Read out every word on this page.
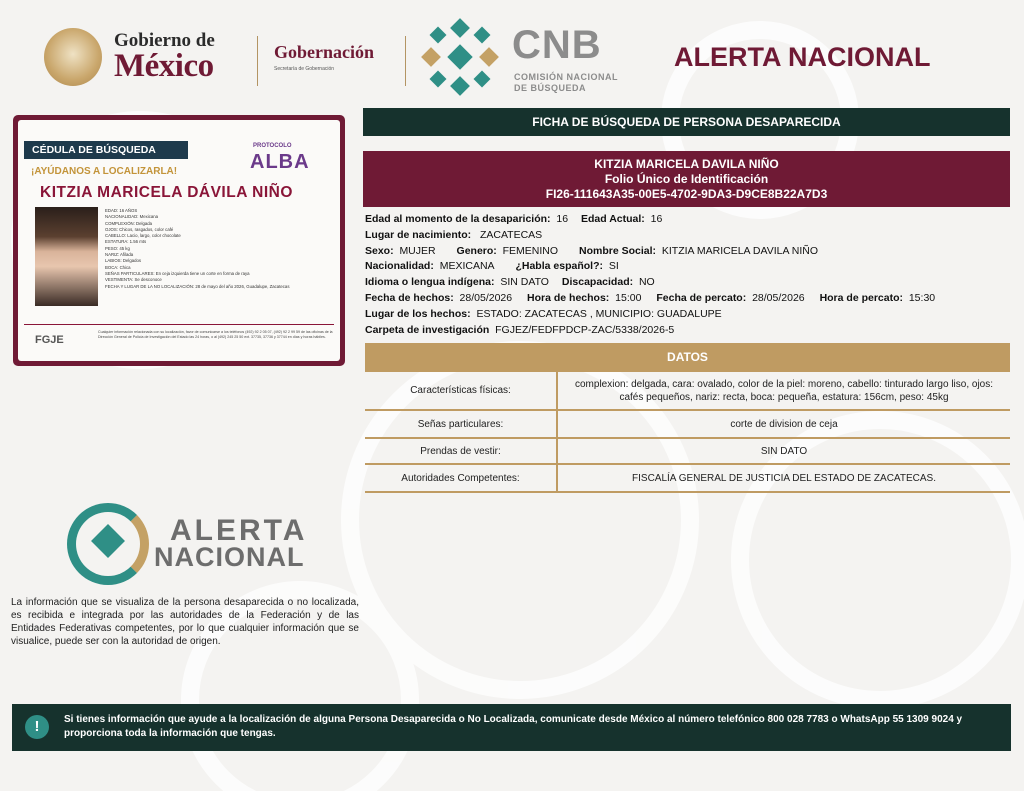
Gobierno de
México	Gobernación
Secretaría de Gobernación
CNB
COMISIÓN NACIONAL
DE BÚSQUEDA
ALERTA NACIONAL
CÉDULA DE BÚSQUEDA
¡AYÚDANOS A LOCALIZARLA!
KITZIA MARICELA DÁVILA NIÑO
PROTOCOLO
ALBA
EDAD: 16 AÑOS
NACIONALIDAD: Mexicana
COMPLEXIÓN: Delgada
OJOS: Chicos, rasgados, color café
CABELLO: Lacio, largo, color chocolate
ESTATURA: 1.56 mts
PESO: 45 kg
NARIZ: Afilada
LABIOS: Delgados
BOCA: Chica
SEÑAS PARTICULARES: En ceja izquierda tiene un corte en forma de raya
VESTIMENTA: Se desconoce
FECHA Y LUGAR DE LA NO LOCALIZACIÓN: 28 de mayo del año 2026, Guadalupe, Zacatecas
FGJE
Cualquier información relacionada con su localización, favor de comunicarse a los teléfonos (492) 92 2 05 07, (492) 92 2 99 59 de las oficinas de la Dirección General de Policía de Investigación del Estado las 24 horas, o al (492) 245 25 50 ext. 37735, 37736 y 37744 en días y horas hábiles.
FICHA DE BÚSQUEDA DE PERSONA DESAPARECIDA
KITZIA MARICELA DAVILA NIÑO
Folio Único de Identificación
FI26-111643A35-00E5-4702-9DA3-D9CE8B22A7D3
Edad al momento de la desaparición: 16 Edad Actual: 16
Lugar de nacimiento: ZACATECAS
Sexo: MUJER Genero: FEMENINO Nombre Social: KITZIA MARICELA DAVILA NIÑO
Nacionalidad: MEXICANA ¿Habla español?: SI
Idioma o lengua indígena: SIN DATO Discapacidad: NO
Fecha de hechos: 28/05/2026 Hora de hechos: 15:00 Fecha de percato: 28/05/2026 Hora de percato: 15:30
Lugar de los hechos: ESTADO: ZACATECAS , MUNICIPIO: GUADALUPE
Carpeta de investigación FGJEZ/FEDFPDCP-ZAC/5338/2026-5
DATOS
Características físicas:
complexion: delgada, cara: ovalado, color de la piel: moreno, cabello: tinturado largo liso, ojos: cafés pequeños, nariz: recta, boca: pequeña, estatura: 156cm, peso: 45kg
Señas particulares:	corte de division de ceja
Prendas de vestir:	SIN DATO
Autoridades Competentes:	FISCALÍA GENERAL DE JUSTICIA DEL ESTADO DE ZACATECAS.
ALERTA
NACIONAL
La información que se visualiza de la persona desaparecida o no localizada, es recibida e integrada por las autoridades de la Federación y de las Entidades Federativas competentes, por lo que cualquier información que se visualice, puede ser con la autoridad de origen.
!	Si tienes información que ayude a la localización de alguna Persona Desaparecida o No Localizada, comunicate desde México al número telefónico 800 028 7783 o WhatsApp 55 1309 9024 y proporciona toda la información que tengas.
